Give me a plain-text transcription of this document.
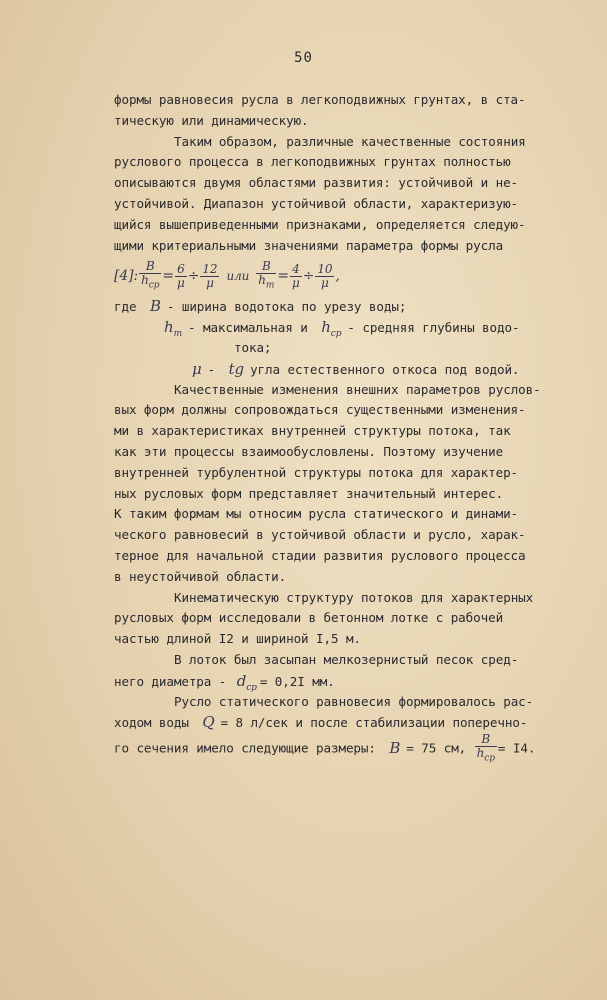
50
формы равновесия русла в легкоподвижных грунтах, в ста-
тическую или динамическую.
Таким образом, различные качественные состояния
руслового процесса в легкоподвижных грунтах полностью
описываются двумя областями развития: устойчивой и не-
устойчивой. Диапазон устойчивой области, характеризую-
щийся вышеприведенными признаками, определяется следую-
щими критериальными значениями параметра формы русла
[4]: $\frac{B}{h_{cp}} = \frac{6}{\mu} \div \frac{12}{\mu}$ или $\frac{B}{h_m} = \frac{4}{\mu} \div \frac{10}{\mu}$ ,
где B - ширина водотока по урезу воды;
$h_m$ - максимальная и $h_{cp}$ - средняя глубины водо-
тока;
μ - tg угла естественного откоса под водой.
Качественные изменения внешних параметров руслов-
вых форм должны сопровождаться существенными изменения-
ми в характеристиках внутренней структуры потока, так
как эти процессы взаимообусловлены. Поэтому изучение
внутренней турбулентной структуры потока для характер-
ных русловых форм представляет значительный интерес.
К таким формам мы относим русла статического и динами-
ческого равновесий в устойчивой области и русло, харак-
терное для начальной стадии развития руслового процесса
в неустойчивой области.
Кинематическую структуру потоков для характерных
русловых форм исследовали в бетонном лотке с рабочей
частью длиной I2 и шириной I,5 м.
В лоток был засыпан мелкозернистый песок сред-
него диаметра - $d_{cp} = 0,2I$ мм.
Русло статического равновесия формировалось рас-
ходом воды Q = 8 л/сек и после стабилизации поперечно-
го сечения имело следующие размеры: B = 75 см, $\frac{B}{h_{cp}} = I4$.
